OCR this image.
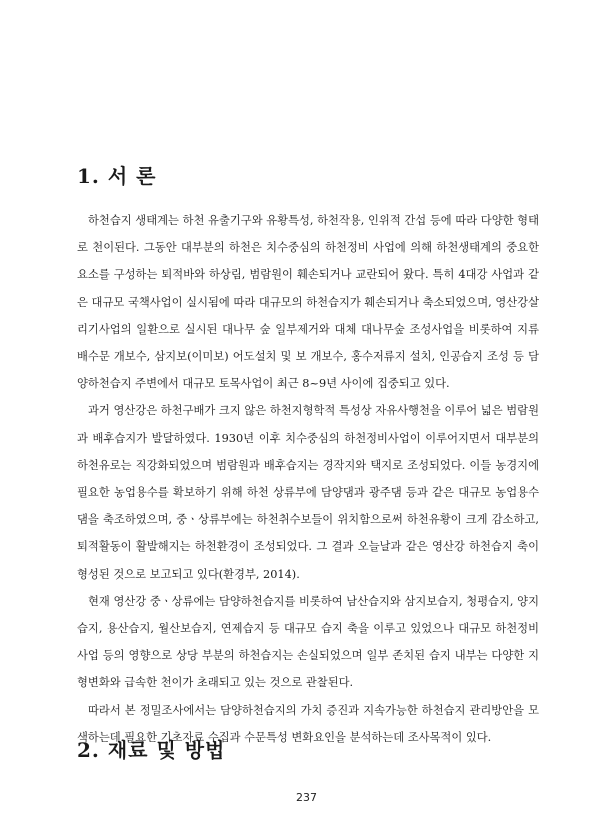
1. 서 론

하천습지 생태계는 하천 유출기구와 유황특성, 하천작용, 인위적 간섭 등에 따라 다양한 형태로 천이된다. 그동안 대부분의 하천은 치수중심의 하천정비 사업에 의해 하천생태계의 중요한 요소를 구성하는 퇴적바와 하상림, 범람원이 훼손되거나 교란되어 왔다. 특히 4대강 사업과 같은 대규모 국책사업이 실시됨에 따라 대규모의 하천습지가 훼손되거나 축소되었으며, 영산강살리기사업의 일환으로 실시된 대나무 숲 일부제거와 대체 대나무숲 조성사업을 비롯하여 지류 배수문 개보수, 삼지보(이미보) 어도설치 및 보 개보수, 홍수저류지 설치, 인공습지 조성 등 담양하천습지 주변에서 대규모 토목사업이 최근 8~9년 사이에 집중되고 있다.

과거 영산강은 하천구배가 크지 않은 하천지형학적 특성상 자유사행천을 이루어 넓은 범람원과 배후습지가 발달하였다. 1930년 이후 치수중심의 하천정비사업이 이루어지면서 대부분의 하천유로는 직강화되었으며 범람원과 배후습지는 경작지와 택지로 조성되었다. 이들 농경지에 필요한 농업용수를 확보하기 위해 하천 상류부에 담양댐과 광주댐 등과 같은 대규모 농업용수댐을 축조하였으며, 중ㆍ상류부에는 하천취수보들이 위치함으로써 하천유황이 크게 감소하고, 퇴적활동이 활발해지는 하천환경이 조성되었다. 그 결과 오늘날과 같은 영산강 하천습지 축이 형성된 것으로 보고되고 있다(환경부, 2014).

현재 영산강 중ㆍ상류에는 담양하천습지를 비롯하여 남산습지와 삼지보습지, 청평습지, 양지습지, 용산습지, 월산보습지, 연제습지 등 대규모 습지 축을 이루고 있었으나 대규모 하천정비사업 등의 영향으로 상당 부분의 하천습지는 손실되었으며 일부 존치된 습지 내부는 다양한 지형변화와 급속한 천이가 초래되고 있는 것으로 관찰된다.

따라서 본 정밀조사에서는 담양하천습지의 가치 증진과 지속가능한 하천습지 관리방안을 모색하는데 필요한 기초자료 수집과 수문특성 변화요인을 분석하는데 조사목적이 있다.

2. 재료 및 방법
237
